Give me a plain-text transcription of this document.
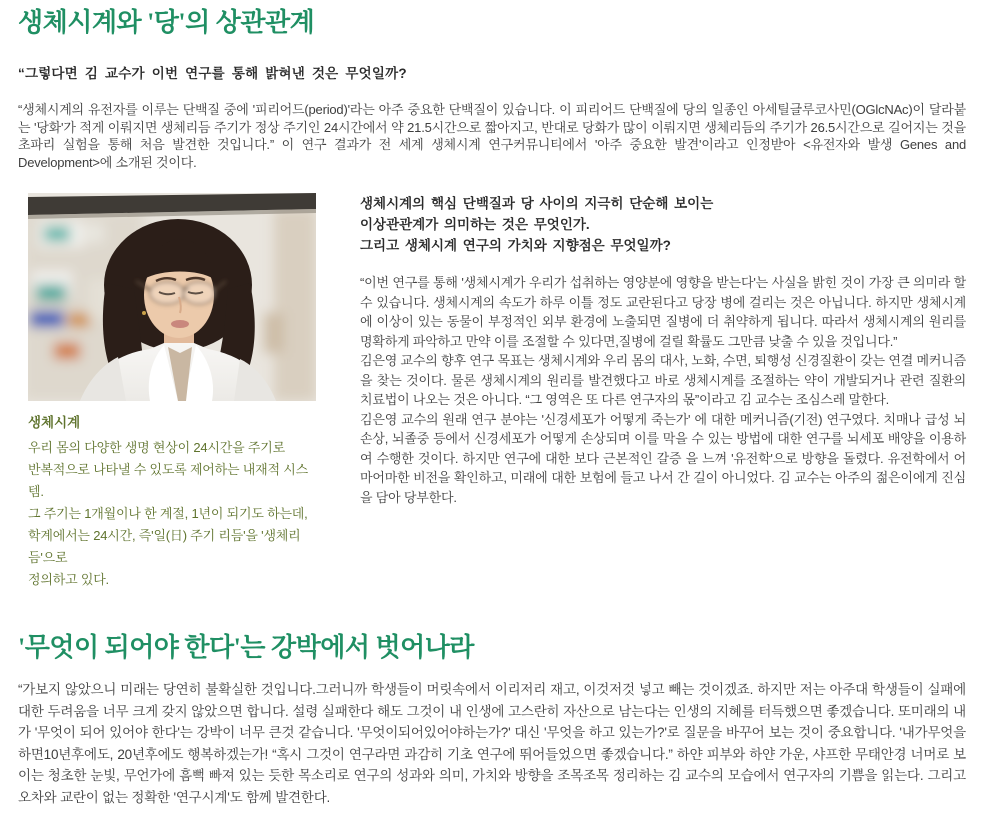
생체시계와 '당'의 상관관계
“그렇다면 김 교수가 이번 연구를 통해 밝혀낸 것은 무엇일까?

“생체시계의 유전자를 이루는 단백질 중에 '피리어드(period)'라는 아주 중요한 단백질이 있습니다. 이 피리어드 단백질에 당의 일종인 아세틸글루코사민(OGlcNAc)이 달라붙는 '당화'가 적게 이뤄지면 생체리듬 주기가 정상 주기인 24시간에서 약 21.5시간으로 짧아지고, 반대로 당화가 많이 이뤄지면 생체리듬의 주기가 26.5시간으로 길어지는 것을 초파리 실험을 통해 처음 발견한 것입니다.” 이 연구 결과가 전 세계 생체시계 연구커뮤니티에서 '아주 중요한 발견'이라고 인정받아 <유전자와 발생 Genes and Development>에 소개된 것이다.

생체시계
우리 몸의 다양한 생명 현상이 24시간을 주기로
반복적으로 나타낼 수 있도록 제어하는 내재적 시스템.
그 주기는 1개월이나 한 계절, 1년이 되기도 하는데,
학계에서는 24시간, 즉'일(日) 주기 리듬'을 '생체리듬'으로
정의하고 있다.
생체시계의 핵심 단백질과 당 사이의 지극히 단순해 보이는
이상관관계가 의미하는 것은 무엇인가.
그리고 생체시계 연구의 가치와 지향점은 무엇일까?

“이번 연구를 통해 '생체시계가 우리가 섭취하는 영양분에 영향을 받는다'는 사실을 밝힌 것이 가장 큰 의미라 할 수 있습니다. 생체시계의 속도가 하루 이틀 정도 교란된다고 당장 병에 걸리는 것은 아닙니다. 하지만 생체시계에 이상이 있는 동물이 부정적인 외부 환경에 노출되면 질병에 더 취약하게 됩니다. 따라서 생체시계의 원리를 명확하게 파악하고 만약 이를 조절할 수 있다면,질병에 걸릴 확률도 그만큼 낮출 수 있을 것입니다.”

김은영 교수의 향후 연구 목표는 생체시계와 우리 몸의 대사, 노화, 수면, 퇴행성 신경질환이 갖는 연결 메커니즘을 찾는 것이다. 물론 생체시계의 원리를 발견했다고 바로 생체시계를 조절하는 약이 개발되거나 관련 질환의 치료법이 나오는 것은 아니다. “그 영역은 또 다른 연구자의 몫”이라고 김 교수는 조심스레 말한다.

김은영 교수의 원래 연구 분야는 '신경세포가 어떻게 죽는가' 에 대한 메커니즘(기전) 연구였다. 치매나 급성 뇌손상, 뇌졸중 등에서 신경세포가 어떻게 손상되며 이를 막을 수 있는 방법에 대한 연구를 뇌세포 배양을 이용하여 수행한 것이다. 하지만 연구에 대한 보다 근본적인 갈증 을 느껴 '유전학'으로 방향을 돌렸다. 유전학에서 어마어마한 비전을 확인하고, 미래에 대한 보험에 들고 나서 간 길이 아니었다. 김 교수는 아주의 젊은이에게 진심을 담아 당부한다.

'무엇이 되어야 한다'는 강박에서 벗어나라

“가보지 않았으니 미래는 당연히 불확실한 것입니다.그러니까 학생들이 머릿속에서 이리저리 재고, 이것저것 넣고 빼는 것이겠죠. 하지만 저는 아주대 학생들이 실패에 대한 두려움을 너무 크게 갖지 않았으면 합니다. 설령 실패한다 해도 그것이 내 인생에 고스란히 자산으로 남는다는 인생의 지혜를 터득했으면 좋겠습니다. 또미래의 내가 '무엇이 되어 있어야 한다'는 강박이 너무 큰것 같습니다. '무엇이되어있어야하는가?' 대신 '무엇을 하고 있는가?'로 질문을 바꾸어 보는 것이 중요합니다. '내가무엇을하면10년후에도, 20년후에도 행복하겠는가! “혹시 그것이 연구라면 과감히 기초 연구에 뛰어들었으면 좋겠습니다.” 하얀 피부와 하얀 가운, 샤프한 무태안경 너머로 보이는 청초한 눈빛, 무언가에 흠뻑 빠져 있는 듯한 목소리로 연구의 성과와 의미, 가치와 방향을 조목조목 정리하는 김 교수의 모습에서 연구자의 기쁨을 읽는다. 그리고 오차와 교란이 없는 정확한 '연구시계'도 함께 발견한다.
